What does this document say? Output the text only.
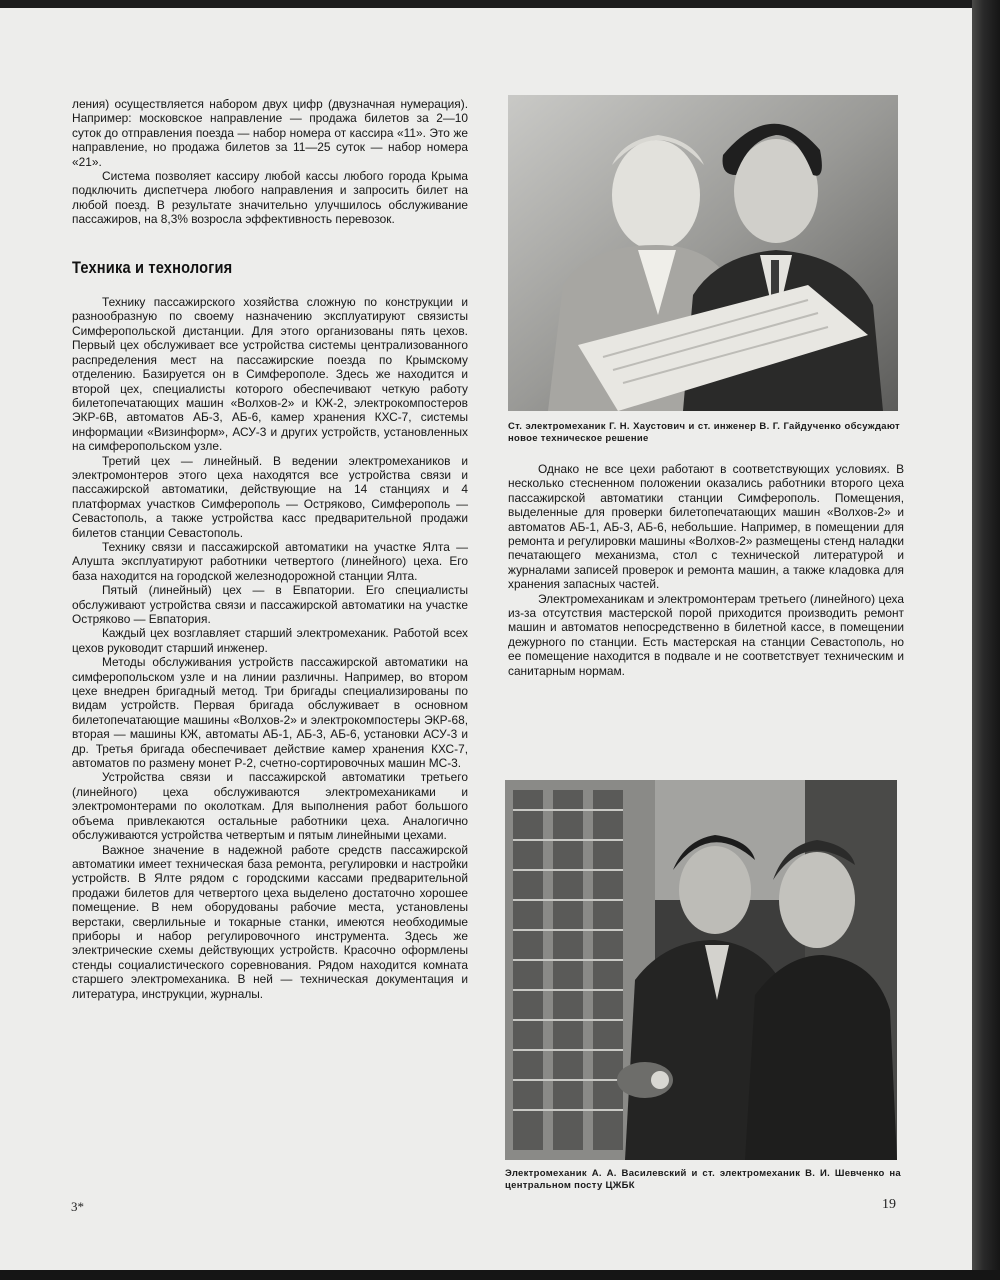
ления) осуществляется набором двух цифр (двузначная нумерация). Например: московское направление — продажа билетов за 2—10 суток до отправления поезда — набор номера от кассира «11». Это же направление, но продажа билетов за 11—25 суток — набор номера «21».

Система позволяет кассиру любой кассы любого города Крыма подключить диспетчера любого направления и запросить билет на любой поезд. В результате значительно улучшилось обслуживание пассажиров, на 8,3% возросла эффективность перевозок.

Техника и технология

Технику пассажирского хозяйства сложную по конструкции и разнообразную по своему назначению эксплуатируют связисты Симферопольской дистанции. Для этого организованы пять цехов. Первый цех обслуживает все устройства системы централизованного распределения мест на пассажирские поезда по Крымскому отделению. Базируется он в Симферополе. Здесь же находится и второй цех, специалисты которого обеспечивают четкую работу билетопечатающих машин «Волхов-2» и КЖ-2, электрокомпостеров ЭКР-6В, автоматов АБ-3, АБ-6, камер хранения КХС-7, системы информации «Визинформ», АСУ-3 и других устройств, установленных на симферопольском узле.

Третий цех — линейный. В ведении электромехаников и электромонтеров этого цеха находятся все устройства связи и пассажирской автоматики, действующие на 14 станциях и 4 платформах участков Симферополь — Остряково, Симферополь — Севастополь, а также устройства касс предварительной продажи билетов станции Севастополь.

Технику связи и пассажирской автоматики на участке Ялта — Алушта эксплуатируют работники четвертого (линейного) цеха. Его база находится на городской железнодорожной станции Ялта.

Пятый (линейный) цех — в Евпатории. Его специалисты обслуживают устройства связи и пассажирской автоматики на участке Остряково — Евпатория.

Каждый цех возглавляет старший электромеханик. Работой всех цехов руководит старший инженер.

Методы обслуживания устройств пассажирской автоматики на симферопольском узле и на линии различны. Например, во втором цехе внедрен бригадный метод. Три бригады специализированы по видам устройств. Первая бригада обслуживает в основном билетопечатающие машины «Волхов-2» и электрокомпостеры ЭКР-68, вторая — машины КЖ, автоматы АБ-1, АБ-3, АБ-6, установки АСУ-3 и др. Третья бригада обеспечивает действие камер хранения КХС-7, автоматов по размену монет Р-2, счетно-сортировочных машин МС-3.

Устройства связи и пассажирской автоматики третьего (линейного) цеха обслуживаются электромеханиками и электромонтерами по околоткам. Для выполнения работ большого объема привлекаются остальные работники цеха. Аналогично обслуживаются устройства четвертым и пятым линейными цехами.

Важное значение в надежной работе средств пассажирской автоматики имеет техническая база ремонта, регулировки и настройки устройств. В Ялте рядом с городскими кассами предварительной продажи билетов для четвертого цеха выделено достаточно хорошее помещение. В нем оборудованы рабочие места, установлены верстаки, сверлильные и токарные станки, имеются необходимые приборы и набор регулировочного инструмента. Здесь же электрические схемы действующих устройств. Красочно оформлены стенды социалистического соревнования. Рядом находится комната старшего электромеханика. В ней — техническая документация и литература, инструкции, журналы.

Ст. электромеханик Г. Н. Хаустович и ст. инженер В. Г. Гайдученко обсуждают новое техническое решение

Однако не все цехи работают в соответствующих условиях. В несколько стесненном положении оказались работники второго цеха пассажирской автоматики станции Симферополь. Помещения, выделенные для проверки билетопечатающих машин «Волхов-2» и автоматов АБ-1, АБ-3, АБ-6, небольшие. Например, в помещении для ремонта и регулировки машины «Волхов-2» размещены стенд наладки печатающего механизма, стол с технической литературой и журналами записей проверок и ремонта машин, а также кладовка для хранения запасных частей.

Электромеханикам и электромонтерам третьего (линейного) цеха из-за отсутствия мастерской порой приходится производить ремонт машин и автоматов непосредственно в билетной кассе, в помещении дежурного по станции. Есть мастерская на станции Севастополь, но ее помещение находится в подвале и не соответствует техническим и санитарным нормам.

Электромеханик А. А. Василевский и ст. электромеханик В. И. Шевченко на центральном посту ЦЖБК
3*	19
